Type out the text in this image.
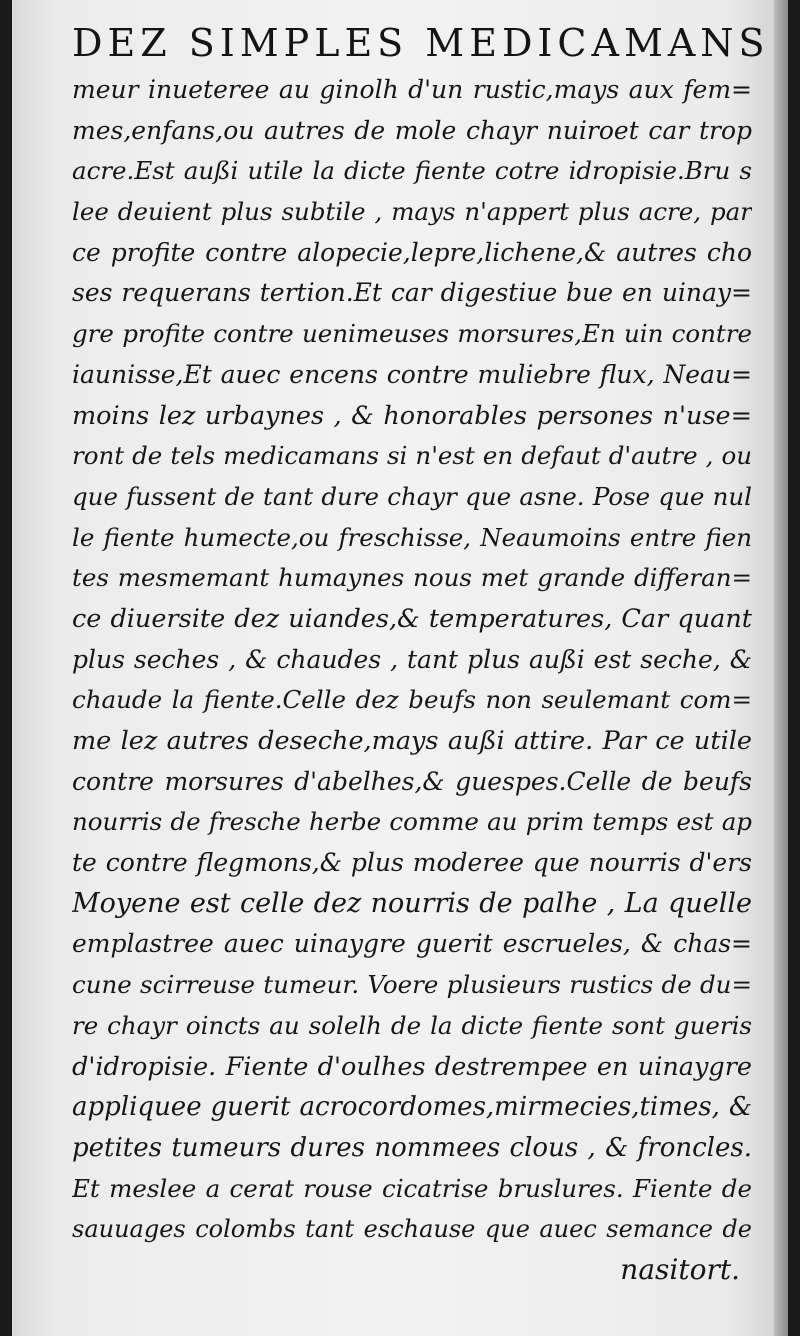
DEZ SIMPLES MEDICAMANS
meur inueteree au ginolh d'un rustic,mays aux fem=
mes,enfans,ou autres de mole chayr nuiroet car trop
acre.Est außi utile la dicte fiente cotre idropisie.Bru s
lee deuient plus subtile , mays n'appert plus acre, par
ce profite contre alopecie,lepre,lichene,& autres cho
ses requerans tertion.Et car digestiue bue en uinay=
gre profite contre uenimeuses morsures,En uin contre
iaunisse,Et auec encens contre muliebre flux, Neau=
moins lez urbaynes , & honorables persones n'use=
ront de tels medicamans si n'est en defaut d'autre , ou
que fussent de tant dure chayr que asne. Pose que nul
le fiente humecte,ou freschisse, Neaumoins entre fien
tes mesmemant humaynes nous met grande differan=
ce diuersite dez uiandes,& temperatures, Car quant
plus seches , & chaudes , tant plus außi est seche, &
chaude la fiente.Celle dez beufs non seulemant com=
me lez autres deseche,mays außi attire. Par ce utile
contre morsures d'abelhes,& guespes.Celle de beufs
nourris de fresche herbe comme au prim temps est ap
te contre flegmons,& plus moderee que nourris d'ers
Moyene est celle dez nourris de palhe , La quelle
emplastree auec uinaygre guerit escrueles, & chas=
cune scirreuse tumeur. Voere plusieurs rustics de du=
re chayr oincts au solelh de la dicte fiente sont gueris
d'idropisie. Fiente d'oulhes destrempee en uinaygre
appliquee guerit acrocordomes,mirmecies,times, &
petites tumeurs dures nommees clous , & froncles.
Et meslee a cerat rouse cicatrise bruslures. Fiente de
sauuages colombs tant eschause que auec semance de
nasitort.
